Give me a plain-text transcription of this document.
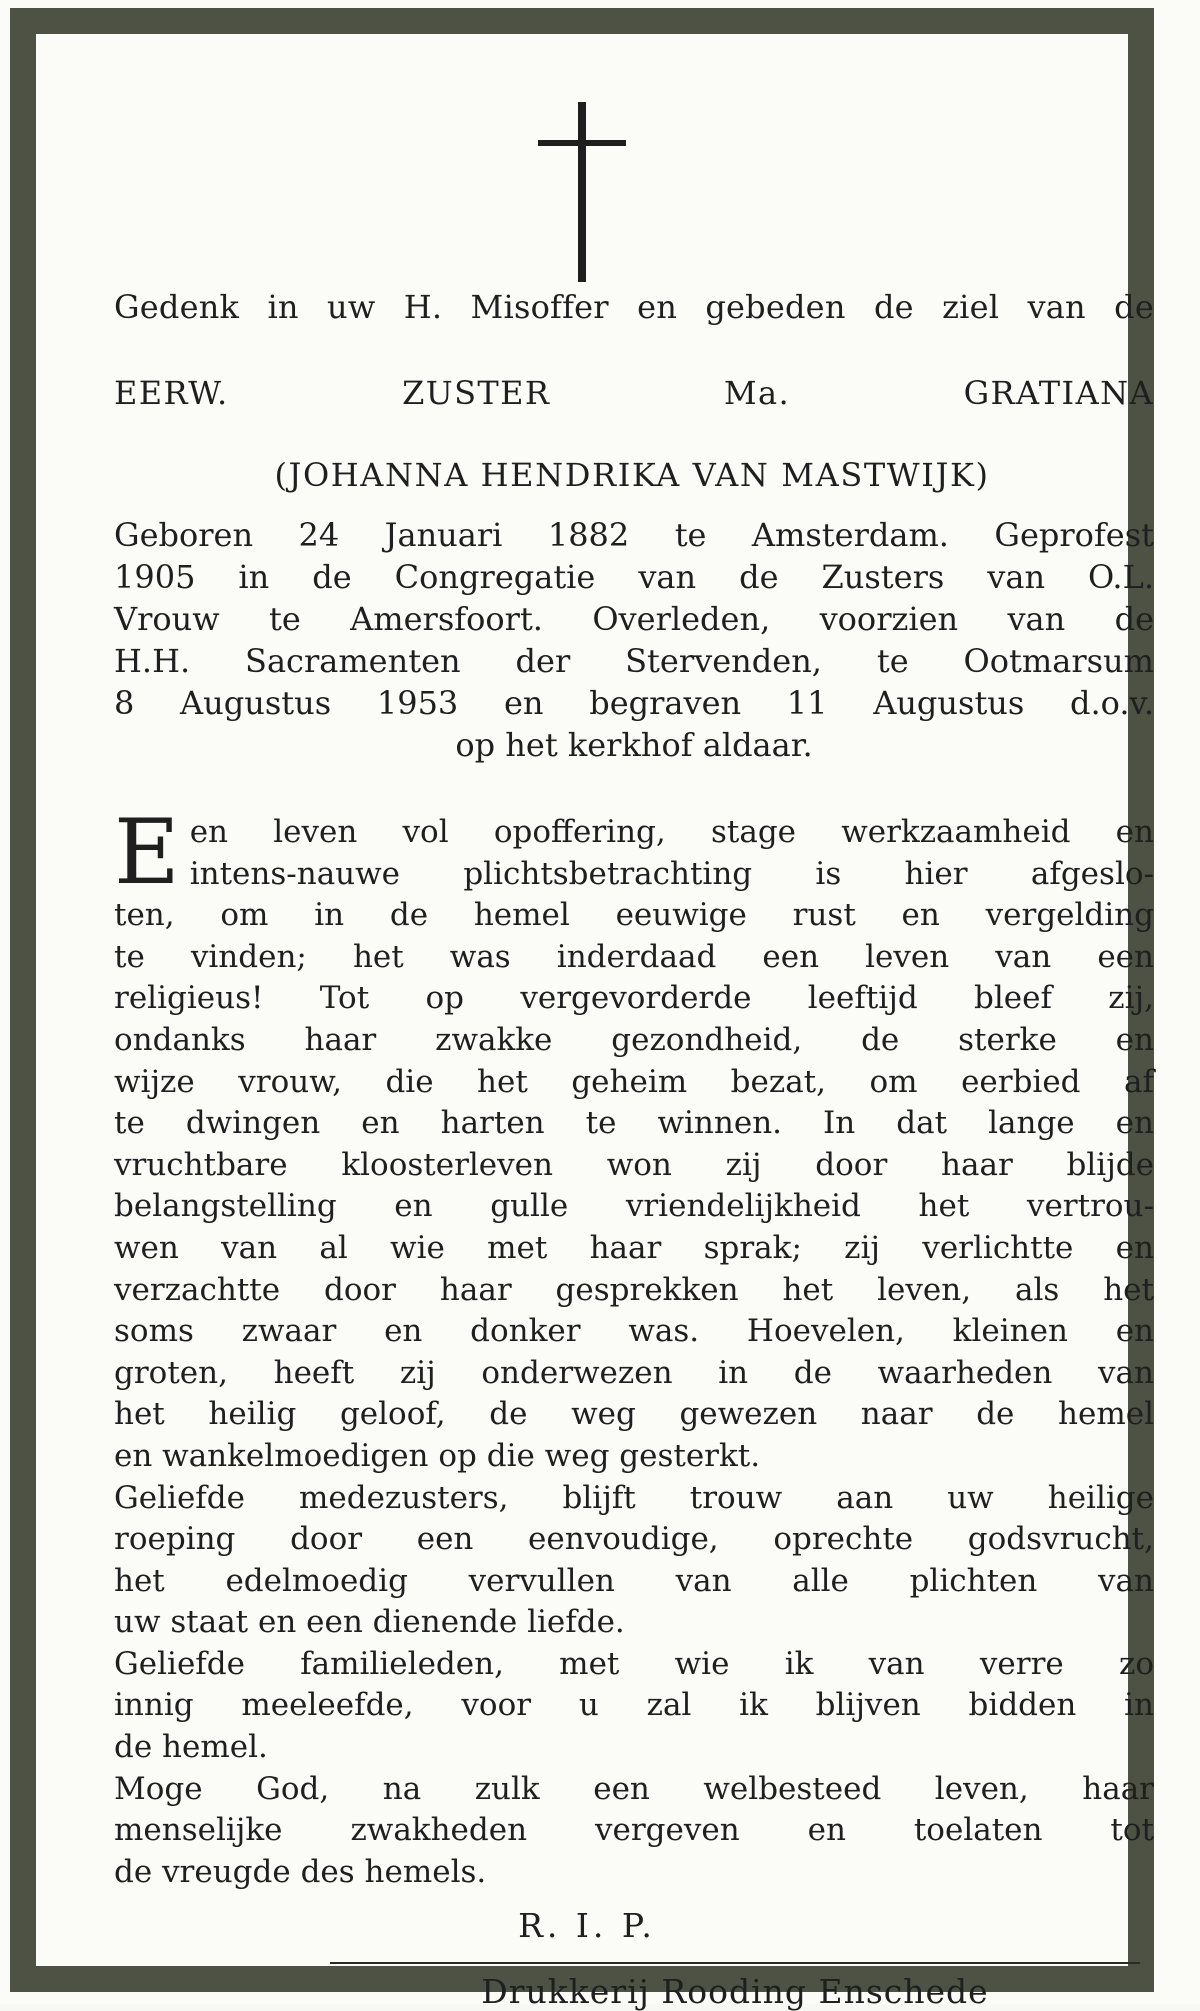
Gedenk in uw H. Misoffer en gebeden de ziel van de
EERW. ZUSTER Ma. GRATIANA
(JOHANNA HENDRIKA VAN MASTWIJK)
Geboren 24 Januari 1882 te Amsterdam. Geprofest
1905 in de Congregatie van de Zusters van O.L.
Vrouw te Amersfoort. Overleden, voorzien van de
H.H. Sacramenten der Stervenden, te Ootmarsum
8 Augustus 1953 en begraven 11 Augustus d.o.v.
op het kerkhof aldaar.
E en leven vol opoffering, stage werkzaamheid en
intens-nauwe plichtsbetrachting is hier afgeslo-
ten, om in de hemel eeuwige rust en vergelding
te vinden; het was inderdaad een leven van een
religieus! Tot op vergevorderde leeftijd bleef zij,
ondanks haar zwakke gezondheid, de sterke en
wijze vrouw, die het geheim bezat, om eerbied af
te dwingen en harten te winnen. In dat lange en
vruchtbare kloosterleven won zij door haar blijde
belangstelling en gulle vriendelijkheid het vertrou-
wen van al wie met haar sprak; zij verlichtte en
verzachtte door haar gesprekken het leven, als het
soms zwaar en donker was. Hoevelen, kleinen en
groten, heeft zij onderwezen in de waarheden van
het heilig geloof, de weg gewezen naar de hemel
en wankelmoedigen op die weg gesterkt.
Geliefde medezusters, blijft trouw aan uw heilige
roeping door een eenvoudige, oprechte godsvrucht,
het edelmoedig vervullen van alle plichten van
uw staat en een dienende liefde.
Geliefde familieleden, met wie ik van verre zo
innig meeleefde, voor u zal ik blijven bidden in
de hemel.
Moge God, na zulk een welbesteed leven, haar
menselijke zwakheden vergeven en toelaten tot
de vreugde des hemels.
R. I. P.
Drukkerij Rooding Enschede
